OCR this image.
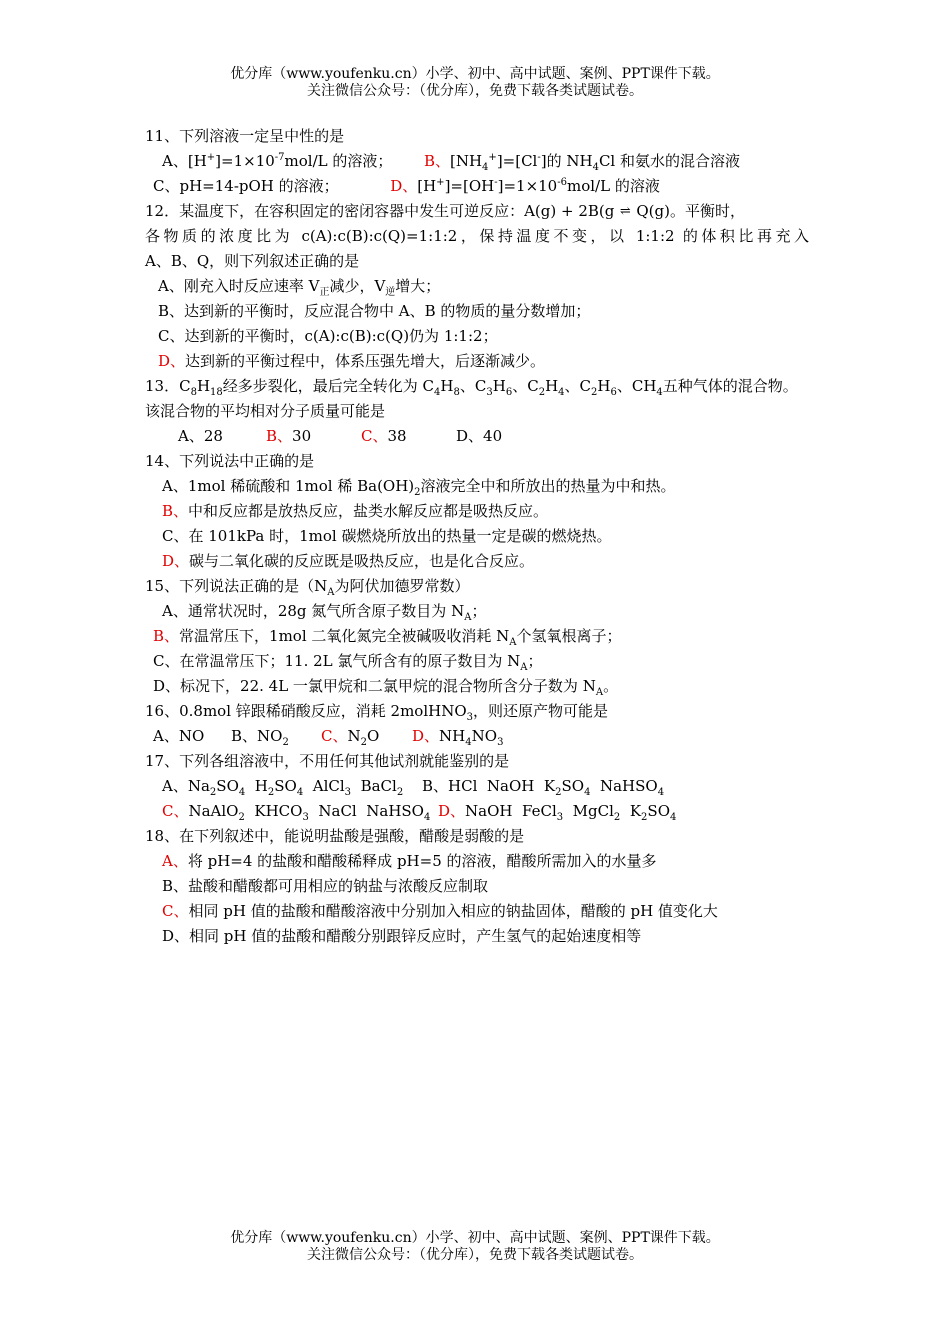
优分库（www.youfenku.cn）小学、初中、高中试题、案例、PPT课件下载。
关注微信公众号：（优分库），免费下载各类试题试卷。
11、下列溶液一定呈中性的是
A、$[H^+]=1\times 10^{-7}mol/L$ 的溶液； B、$[NH_4^+]=[Cl^-]$的 $NH_4Cl$ 和氨水的混合溶液
C、pH=14-pOH 的溶液；	D、$[H^+]=[OH^-]=1\times 10^{-6}mol/L$ 的溶液
12．某温度下，在容积固定的密闭容器中发生可逆反应：A(g) + 2B(g ⇌ Q(g)。平衡时，
各物质的浓度比为 c(A):c(B):c(Q)=1:1:2，保持温度不变，以 1:1:2 的体积比再充入
A、B、Q，则下列叙述正确的是
A、刚充入时反应速率 $V_正$减少，$V_逆$增大；
B、达到新的平衡时，反应混合物中 A、B 的物质的量分数增加；
C、达到新的平衡时，c(A):c(B):c(Q)仍为 1:1:2；
D、达到新的平衡过程中，体系压强先增大，后逐渐减少。
13．$C_8H_{18}$经多步裂化，最后完全转化为 $C_4H_8$、$C_3H_6$、$C_2H_4$、$C_2H_6$、$CH_4$五种气体的混合物。
该混合物的平均相对分子质量可能是
A、28	B、30	C、38	D、40
14、下列说法中正确的是
A、1mol 稀硫酸和 1mol 稀 $Ba(OH)_2$溶液完全中和所放出的热量为中和热。
B、中和反应都是放热反应，盐类水解反应都是吸热反应。
C、在 101kPa 时，1mol 碳燃烧所放出的热量一定是碳的燃烧热。
D、碳与二氧化碳的反应既是吸热反应，也是化合反应。
15、下列说法正确的是（$N_A$为阿伏加德罗常数）
A、通常状况时，28g 氮气所含原子数目为 $N_A$；
B、常温常压下，1mol 二氧化氮完全被碱吸收消耗 $N_A$个氢氧根离子；
C、在常温常压下；11. 2L 氯气所含有的原子数目为 $N_A$；
D、标况下，22. 4L 一氯甲烷和二氯甲烷的混合物所含分子数为 $N_A$。
16、0.8mol 锌跟稀硝酸反应，消耗 2molHNO$_3$，则还原产物可能是
A、NO B、$NO_2$ C、$N_2O$ D、$NH_4NO_3$
17、下列各组溶液中，不用任何其他试剂就能鉴别的是
A、$Na_2SO_4$  $H_2SO_4$  AlCl$_3$  BaCl$_2$ B、HCl  NaOH  $K_2SO_4$  NaHSO$_4$
C、NaAlO$_2$  $KHCO_3$  NaCl  NaHSO$_4$ D、NaOH  FeCl$_3$  MgCl$_2$  $K_2SO_4$
18、在下列叙述中，能说明盐酸是强酸，醋酸是弱酸的是
A、将 pH=4 的盐酸和醋酸稀释成 pH=5 的溶液，醋酸所需加入的水量多
B、盐酸和醋酸都可用相应的钠盐与浓酸反应制取
C、相同 pH 值的盐酸和醋酸溶液中分别加入相应的钠盐固体，醋酸的 pH 值变化大
D、相同 pH 值的盐酸和醋酸分别跟锌反应时，产生氢气的起始速度相等
优分库（www.youfenku.cn）小学、初中、高中试题、案例、PPT课件下载。
关注微信公众号：（优分库），免费下载各类试题试卷。
